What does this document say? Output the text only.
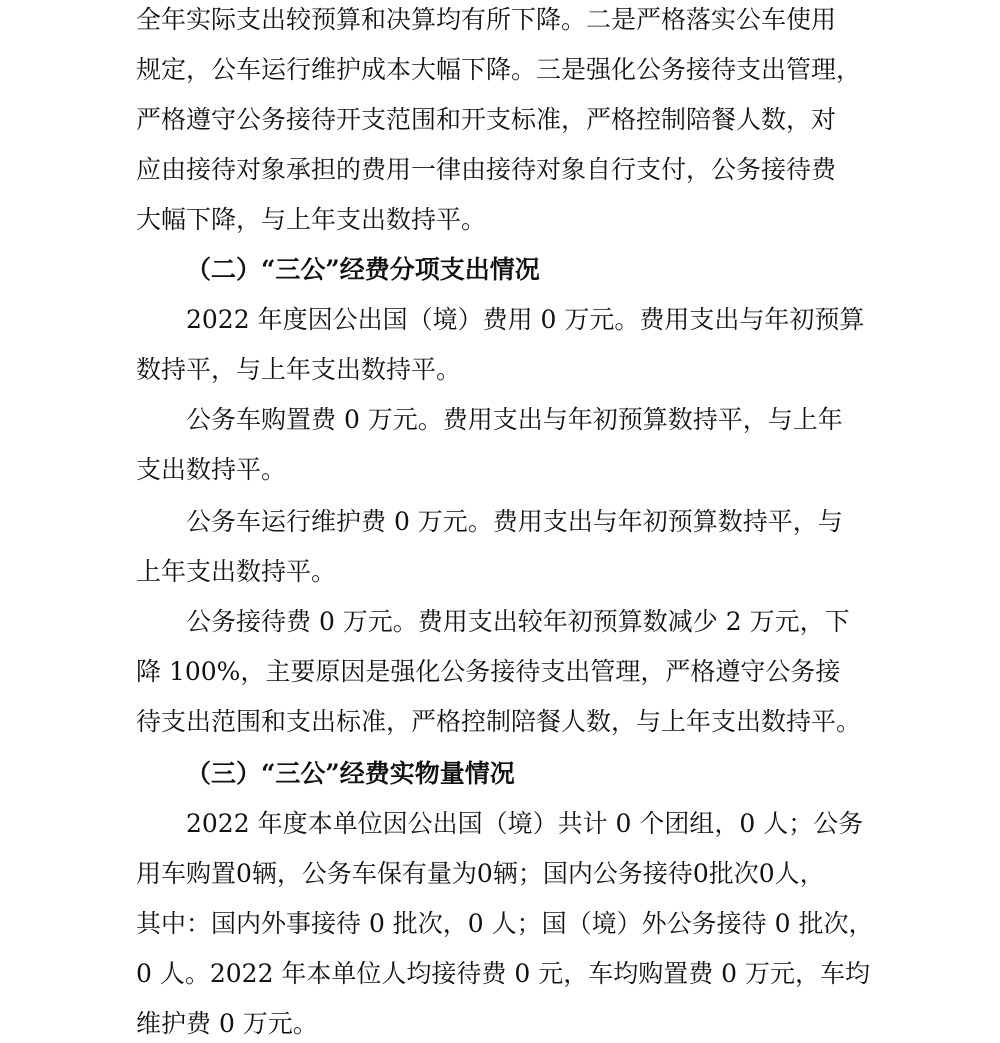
全年实际支出较预算和决算均有所下降。二是严格落实公车使用
规定，公车运行维护成本大幅下降。三是强化公务接待支出管理，
严格遵守公务接待开支范围和开支标准，严格控制陪餐人数，对
应由接待对象承担的费用一律由接待对象自行支付，公务接待费
大幅下降，与上年支出数持平。
（二）“三公”经费分项支出情况
2022 年度因公出国（境）费用 0 万元。费用支出与年初预算
数持平，与上年支出数持平。
公务车购置费 0 万元。费用支出与年初预算数持平，与上年
支出数持平。
公务车运行维护费 0 万元。费用支出与年初预算数持平，与
上年支出数持平。
公务接待费 0 万元。费用支出较年初预算数减少 2 万元，下
降 100%，主要原因是强化公务接待支出管理，严格遵守公务接
待支出范围和支出标准，严格控制陪餐人数，与上年支出数持平。
（三）“三公”经费实物量情况
2022 年度本单位因公出国（境）共计 0 个团组，0 人；公务
用车购置0辆，公务车保有量为0辆；国内公务接待0批次0人，
其中：国内外事接待 0 批次，0 人；国（境）外公务接待 0 批次，
0 人。2022 年本单位人均接待费 0 元，车均购置费 0 万元，车均
维护费 0 万元。
